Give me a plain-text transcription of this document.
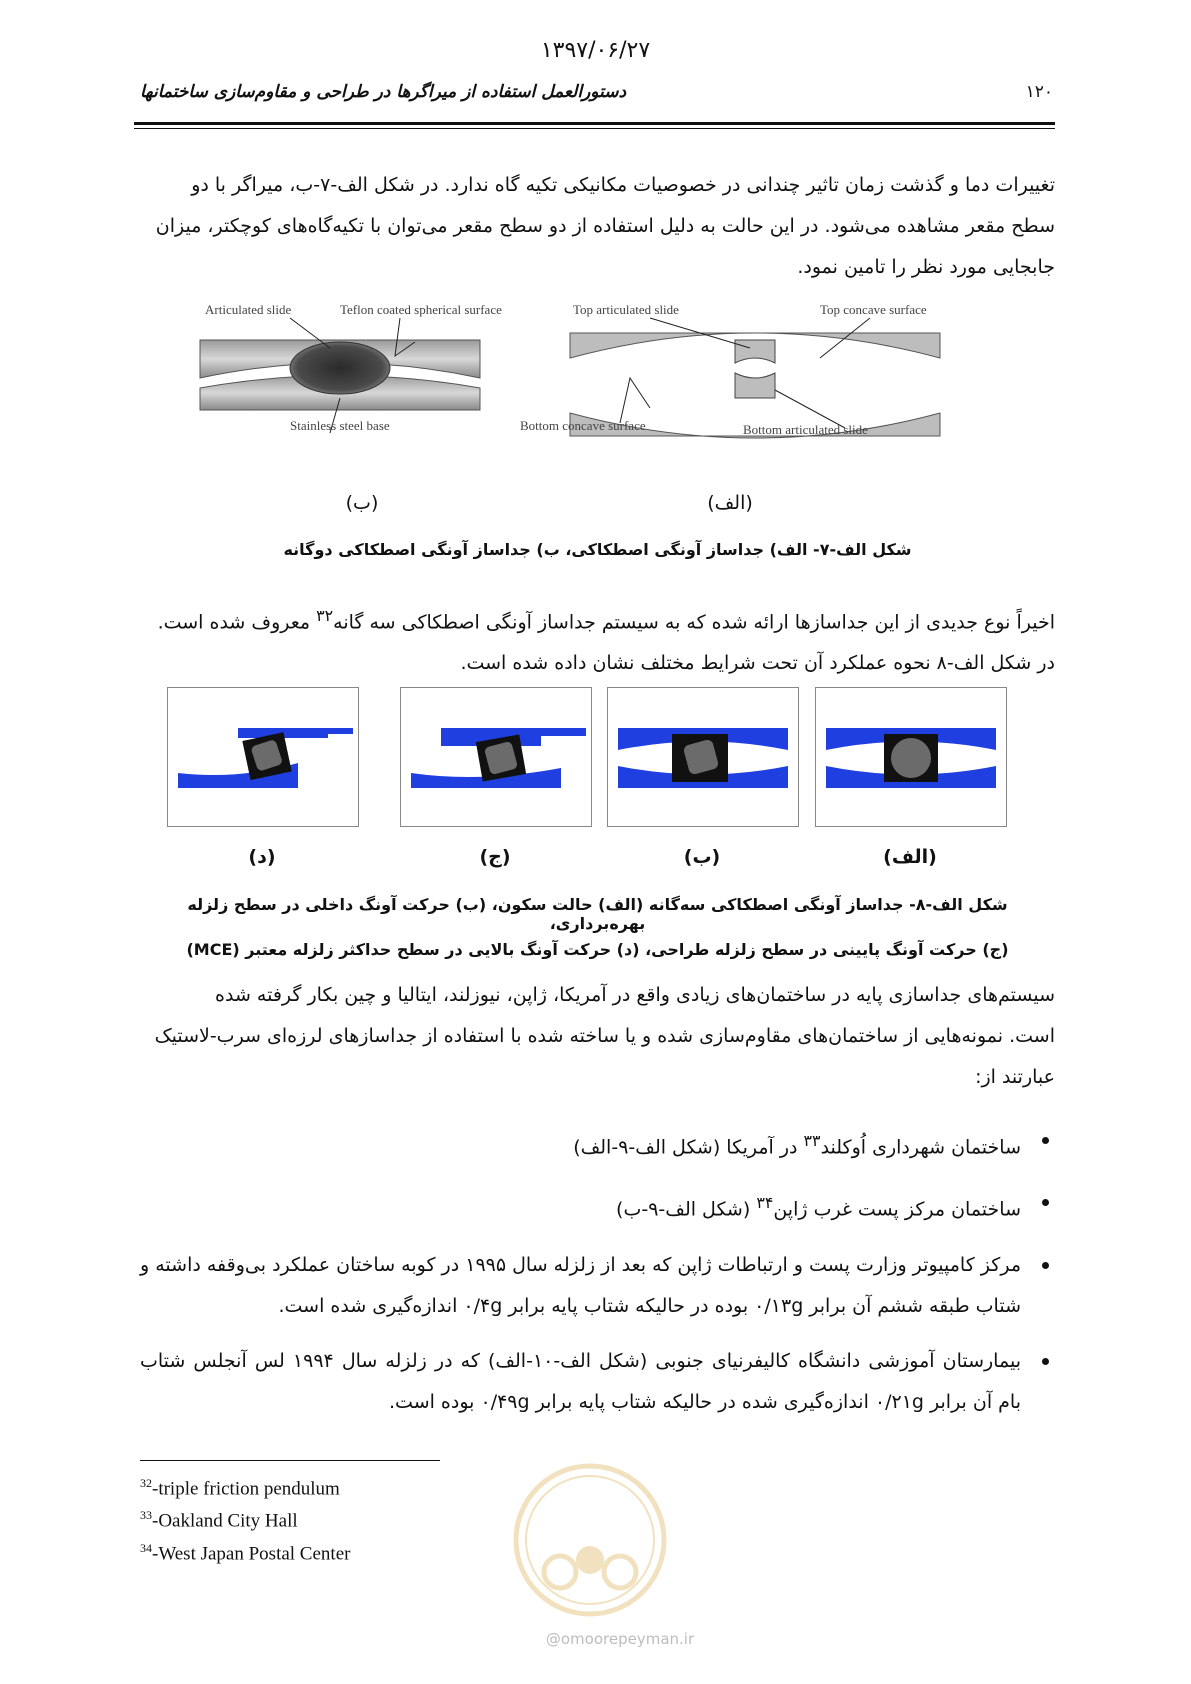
۱۳۹۷/۰۶/۲۷
دستورالعمل استفاده از میراگرها در طراحی و مقاوم‌سازی ساختمانها	۱۲۰

تغییرات دما و گذشت زمان تاثیر چندانی در خصوصیات مکانیکی تکیه گاه ندارد. در شکل الف-۷-ب، میراگر با دو

سطح مقعر مشاهده می‌شود. در این حالت به دلیل استفاده از دو سطح مقعر می‌توان با تکیه‌گاه‌های کوچکتر، میزان

جابجایی مورد نظر را تامین نمود.

Articulated slide	Teflon coated spherical surface
Stainless steel base
Top articulated slide	Top concave surface
Bottom concave surface	Bottom articulated slide
(ب)	(الف)
شکل الف-۷- الف) جداساز آونگی اصطکاکی، ب) جداساز آونگی اصطکاکی دوگانه

اخیراً نوع جدیدی از این جداسازها ارائه شده که به سیستم جداساز آونگی اصطکاکی سه گانه$^{۳۲}$ معروف شده است.

در شکل الف-۸ نحوه عملکرد آن تحت شرایط مختلف نشان داده شده است.

(الف)
(ب)
(ج)
(د)
شکل الف-۸- جداساز آونگی اصطکاکی سه‌گانه (الف) حالت سکون، (ب) حرکت آونگ داخلی در سطح زلزله بهره‌برداری،
(ج) حرکت آونگ پایینی در سطح زلزله طراحی، (د) حرکت آونگ بالایی در سطح حداکثر زلزله معتبر (MCE)

سیستم‌های جداسازی پایه در ساختمان‌های زیادی واقع در آمریکا، ژاپن، نیوزلند، ایتالیا و چین بکار گرفته شده

است. نمونه‌هایی از ساختمان‌های مقاوم‌سازی شده و یا ساخته شده با استفاده از جداسازهای لرزه‌ای سرب-لاستیک

عبارتند از:

ساختمان شهرداری اُوکلند$^{۳۳}$ در آمریکا (شکل الف-۹-الف)
ساختمان مرکز پست غرب ژاپن$^{۳۴}$ (شکل الف-۹-ب)
مرکز کامپیوتر وزارت پست و ارتباطات ژاپن که بعد از زلزله سال ۱۹۹۵ در کوبه ساختان عملکرد بی‌وقفه داشته و شتاب طبقه ششم آن برابر ۰/۱۳g بوده در حالیکه شتاب پایه برابر ۰/۴g اندازه‌گیری شده است.
بیمارستان آموزشی دانشگاه کالیفرنیای جنوبی (شکل الف-۱۰-الف) که در زلزله سال ۱۹۹۴ لس آنجلس شتاب بام آن برابر ۰/۲۱g اندازه‌گیری شده در حالیکه شتاب پایه برابر ۰/۴۹g بوده است.
$^{32}$-triple friction pendulum
$^{33}$-Oakland City Hall
$^{34}$-West Japan Postal Center
@omoorepeyman.ir
